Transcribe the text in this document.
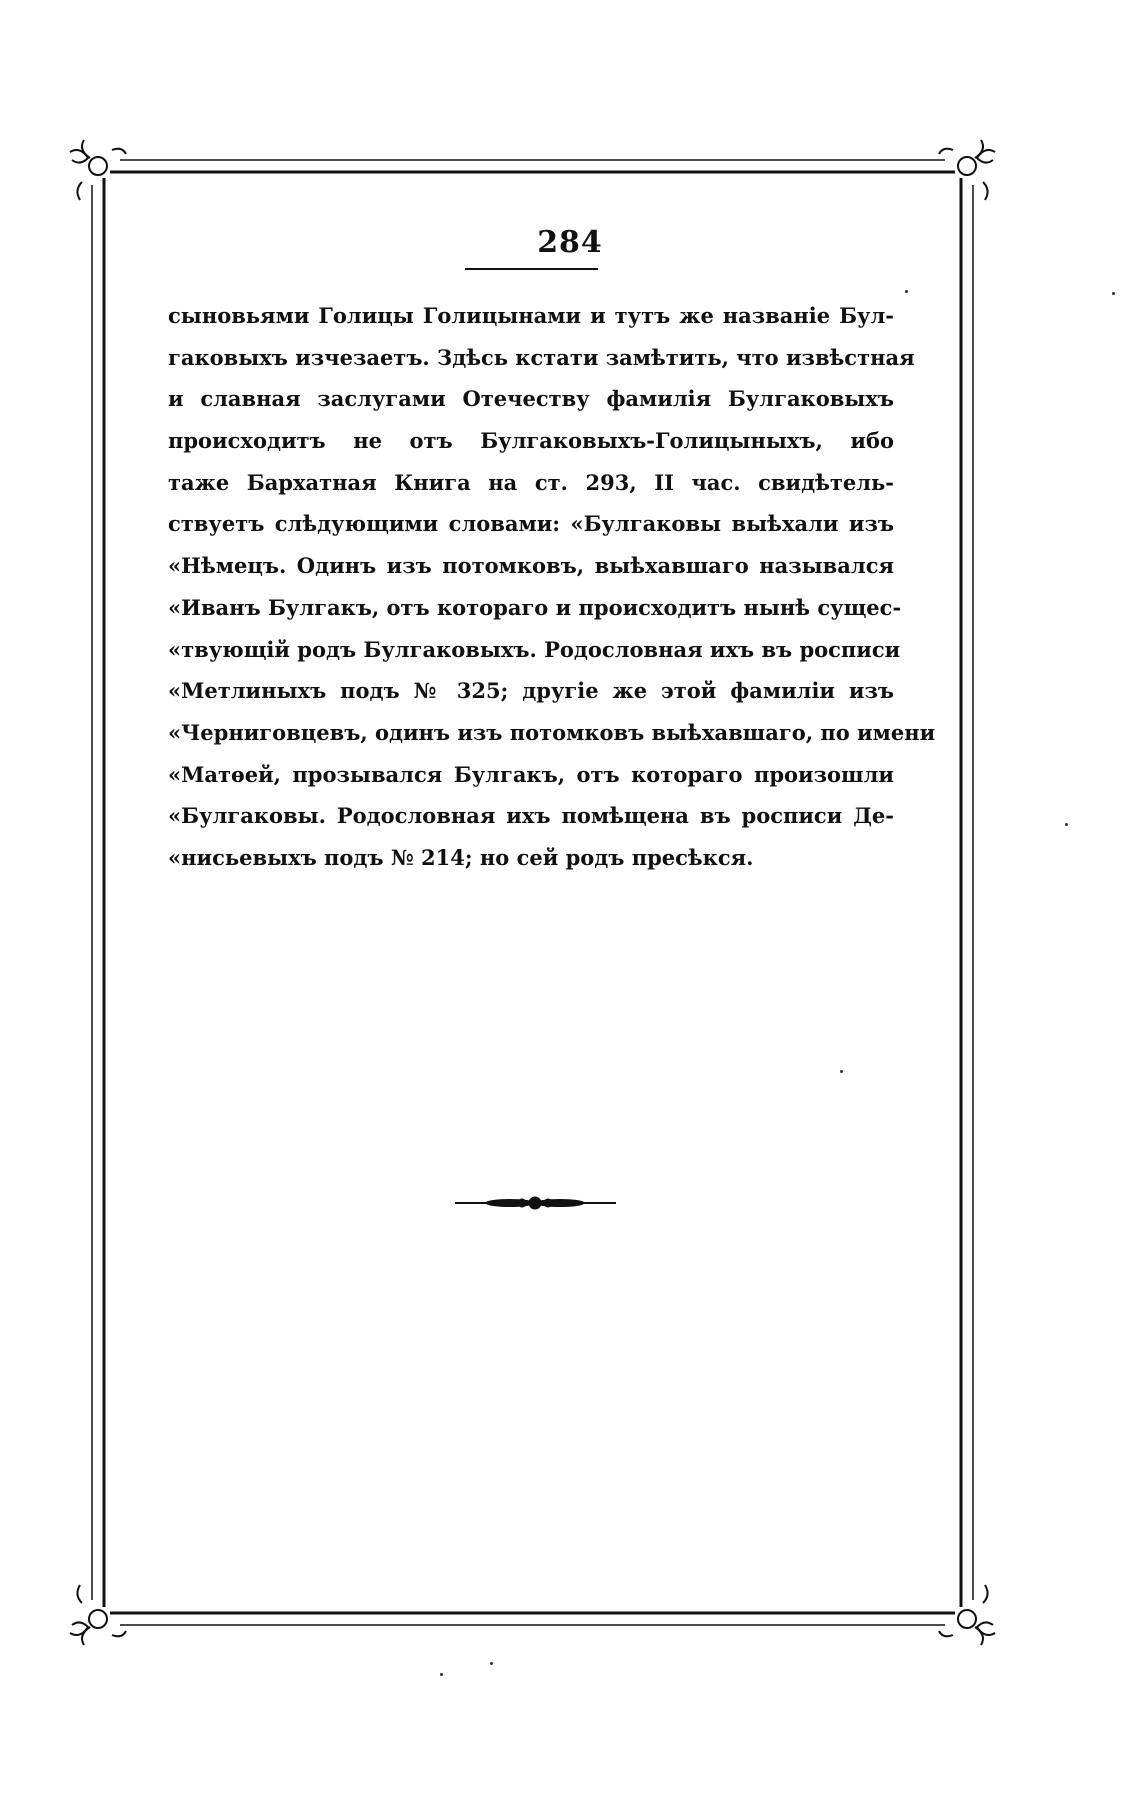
284
сыновьями Голицы Голицынами и тутъ же названіе Бул-
гаковыхъ изчезаетъ. Здѣсь кстати замѣтить, что извѣстная
и славная заслугами Отечеству фамилія Булгаковыхъ
происходитъ не отъ Булгаковыхъ-Голицыныхъ, ибо
таже Бархатная Книга на ст. 293, II час. свидѣтель-
ствуетъ слѣдующими словами: «Булгаковы выѣхали изъ
«Нѣмецъ. Одинъ изъ потомковъ, выѣхавшаго назывался
«Иванъ Булгакъ, отъ котораго и происходитъ нынѣ сущес-
«твующій родъ Булгаковыхъ. Родословная ихъ въ росписи
«Метлиныхъ подъ № 325; другіе же этой фамиліи изъ
«Черниговцевъ, одинъ изъ потомковъ выѣхавшаго, по имени
«Матѳей, прозывался Булгакъ, отъ котораго произошли
«Булгаковы. Родословная ихъ помѣщена въ росписи Де-
«нисьевыхъ подъ № 214; но сей родъ пресѣкся.
